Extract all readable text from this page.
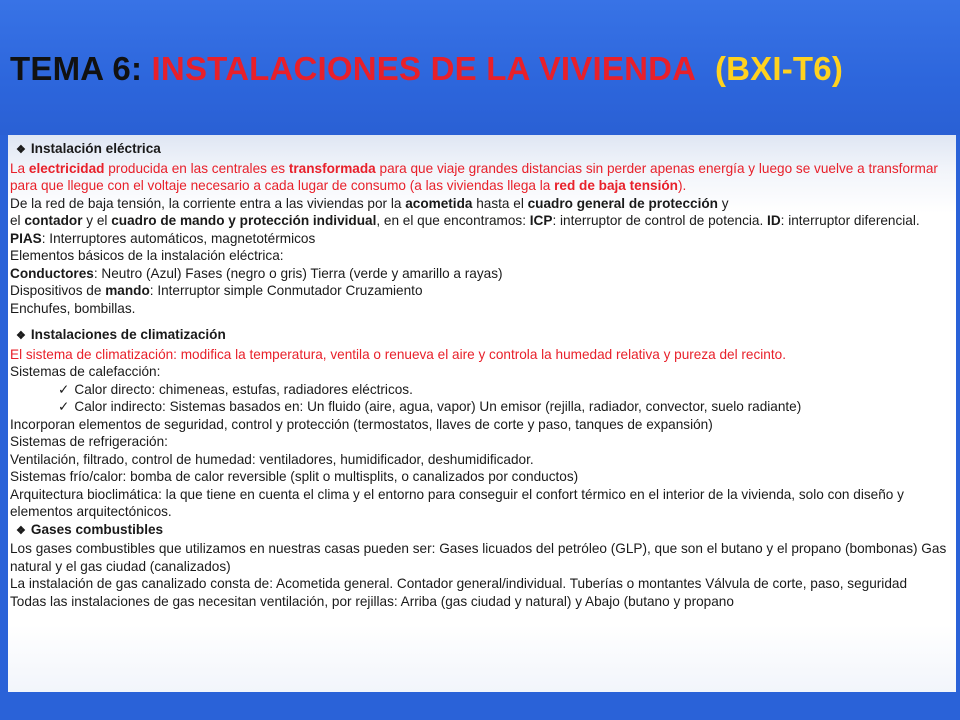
TEMA 6: INSTALACIONES DE LA VIVIENDA (BXI-T6)

❖ Instalación eléctrica

La electricidad producida en las centrales es transformada para que viaje grandes distancias sin perder apenas energía y luego se vuelve a transformar para que llegue con el voltaje necesario a cada lugar de consumo (a las viviendas llega la red de baja tensión).

De la red de baja tensión, la corriente entra a las viviendas por la acometida hasta el cuadro general de protección y

el contador y el cuadro de mando y protección individual, en el que encontramos: ICP: interruptor de control de potencia. ID: interruptor diferencial. PIAS: Interruptores automáticos, magnetotérmicos

Elementos básicos de la instalación eléctrica:

Conductores: Neutro (Azul) Fases (negro o gris) Tierra (verde y amarillo a rayas)

Dispositivos de mando: Interruptor simple Conmutador Cruzamiento

Enchufes, bombillas.

❖ Instalaciones de climatización

El sistema de climatización: modifica la temperatura, ventila o renueva el aire y controla la humedad relativa y pureza del recinto.

Sistemas de calefacción:

✓ Calor directo: chimeneas, estufas, radiadores eléctricos.

✓ Calor indirecto: Sistemas basados en: Un fluido (aire, agua, vapor) Un emisor (rejilla, radiador, convector, suelo radiante)

Incorporan elementos de seguridad, control y protección (termostatos, llaves de corte y paso, tanques de expansión)

Sistemas de refrigeración:

Ventilación, filtrado, control de humedad: ventiladores, humidificador, deshumidificador.

Sistemas frío/calor: bomba de calor reversible (split o multisplits, o canalizados por conductos)

Arquitectura bioclimática: la que tiene en cuenta el clima y el entorno para conseguir el confort térmico en el interior de la vivienda, solo con diseño y elementos arquitectónicos.

❖ Gases combustibles

Los gases combustibles que utilizamos en nuestras casas pueden ser: Gases licuados del petróleo (GLP), que son el butano y el propano (bombonas) Gas natural y el gas ciudad (canalizados)

La instalación de gas canalizado consta de: Acometida general. Contador general/individual. Tuberías o montantes Válvula de corte, paso, seguridad

Todas las instalaciones de gas necesitan ventilación, por rejillas: Arriba (gas ciudad y natural) y Abajo (butano y propano
